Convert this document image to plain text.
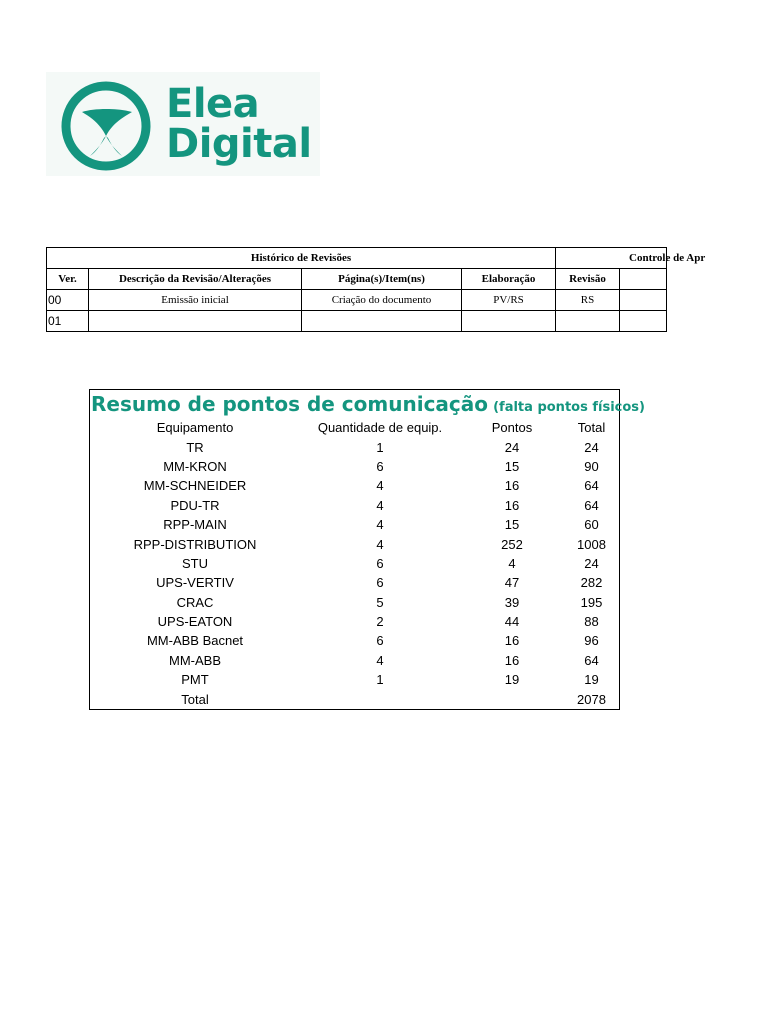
Elea
Digital
Histórico de Revisões				Controle de Apr	
Ver.	Descrição da Revisão/Alterações	Página(s)/Item(ns)	Elaboração	Revisão	
00	Emissão inicial	Criação do documento	PV/RS	RS	
01					
Resumo de pontos de comunicação (falta pontos físicos)
Equipamento	Quantidade de equip.	Pontos	Total
TR	1	24	24
MM-KRON	6	15	90
MM-SCHNEIDER	4	16	64
PDU-TR	4	16	64
RPP-MAIN	4	15	60
RPP-DISTRIBUTION	4	252	1008
STU	6	4	24
UPS-VERTIV	6	47	282
CRAC	5	39	195
UPS-EATON	2	44	88
MM-ABB Bacnet	6	16	96
MM-ABB	4	16	64
PMT	1	19	19
Total			2078
